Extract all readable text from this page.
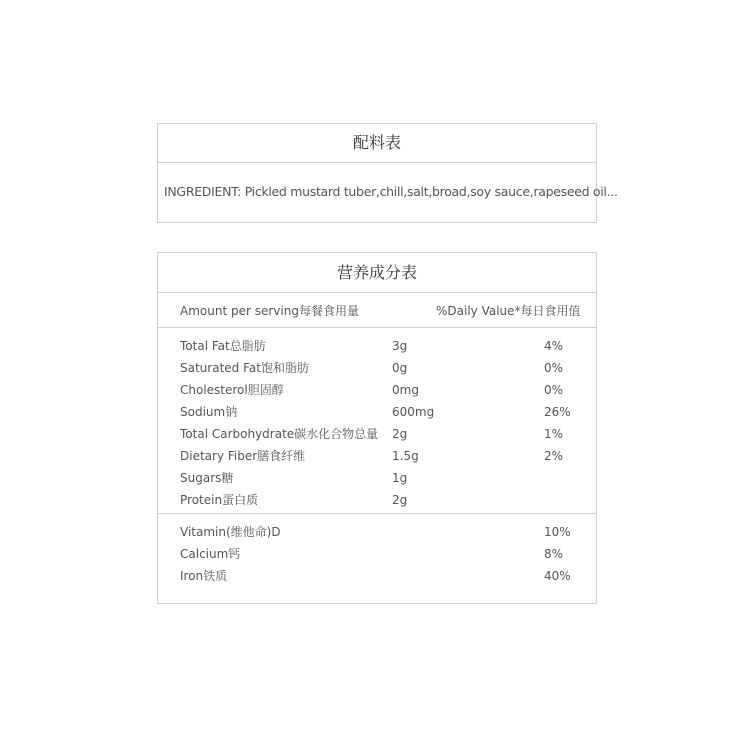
配料表
INGREDIENT: Pickled mustard tuber,chill,salt,broad,soy sauce,rapeseed oil...
营养成分表
Amount per serving每餐食用量	%Daily Value*每日食用值
Total Fat总脂肪	3g	4%
Saturated Fat饱和脂肪	0g	0%
Cholesterol胆固醇	0mg	0%
Sodium钠	600mg	26%
Total Carbohydrate碳水化合物总量 2g	1%
Dietary Fiber膳食纤维	1.5g	2%
Sugars糖	1g
Protein蛋白质	2g
Vitamin(维他命)D	10%
Calcium钙	8%
Iron铁质	40%
